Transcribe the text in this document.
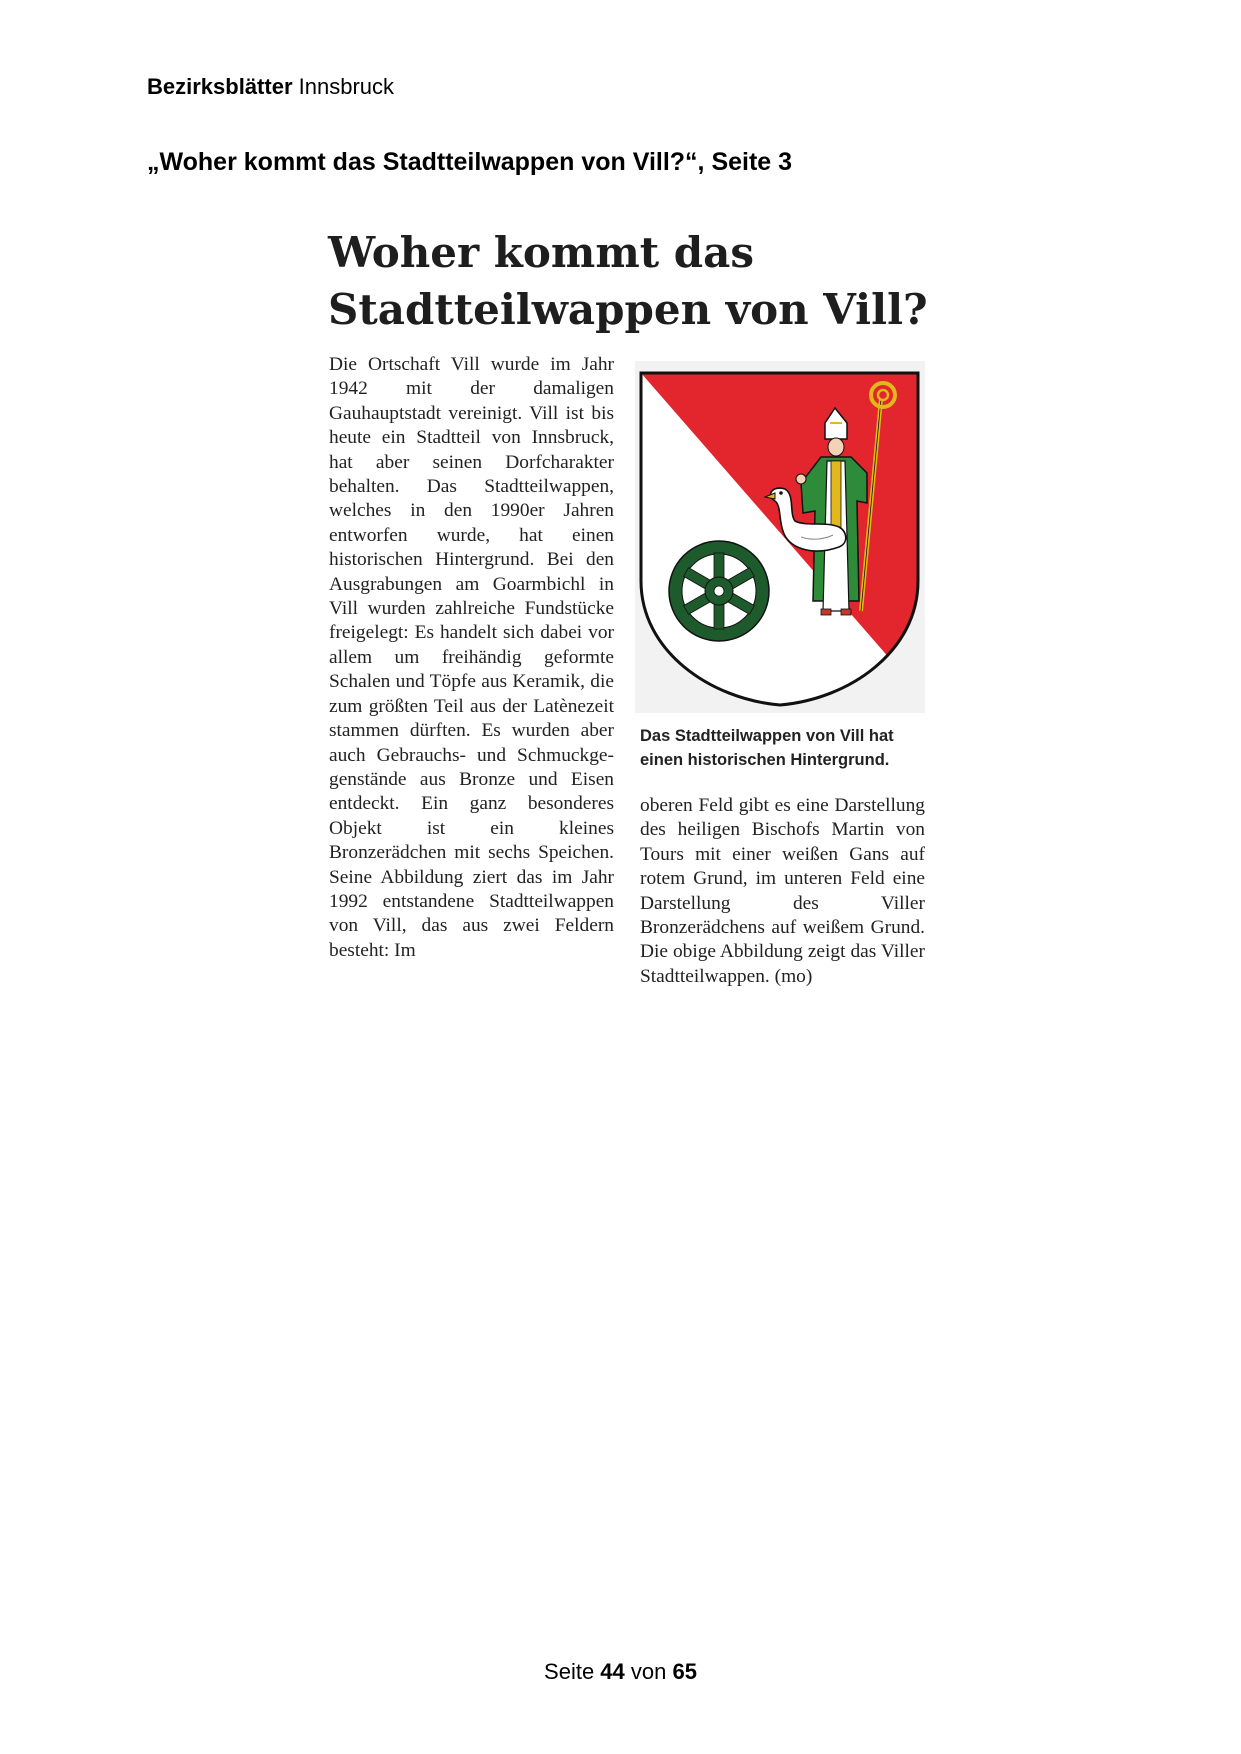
Bezirksblätter Innsbruck
„Woher kommt das Stadtteilwappen von Vill?“, Seite 3
Woher kommt das
Stadtteilwappen von Vill?
Die Ortschaft Vill wurde im Jahr 1942 mit der damaligen Gauhauptstadt vereinigt. Vill ist bis heute ein Stadtteil von Innsbruck, hat aber seinen Dorfcharakter behalten. Das Stadtteilwappen, welches in den 1990er Jahren entworfen wurde, hat einen historischen Hintergrund. Bei den Ausgrabungen am Goarmbichl in Vill wurden zahlreiche Fundstücke freigelegt: Es handelt sich dabei vor allem um freihändig geformte Schalen und Töpfe aus Keramik, die zum größten Teil aus der Latènezeit stammen dürften. Es wurden aber auch Gebrauchs- und Schmuckgegenstände aus Bronze und Eisen entdeckt. Ein ganz besonderes Objekt ist ein kleines Bronzerädchen mit sechs Speichen. Seine Abbildung ziert das im Jahr 1992 entstandene Stadtteilwappen von Vill, das aus zwei Feldern besteht: Im
Das Stadtteilwappen von Vill hat einen historischen Hintergrund.
oberen Feld gibt es eine Darstellung des heiligen Bischofs Martin von Tours mit einer weißen Gans auf rotem Grund, im unteren Feld eine Darstellung des Viller Bronzerädchens auf weißem Grund. Die obige Abbildung zeigt das Viller Stadtteilwappen. (mo)
Seite 44 von 65
